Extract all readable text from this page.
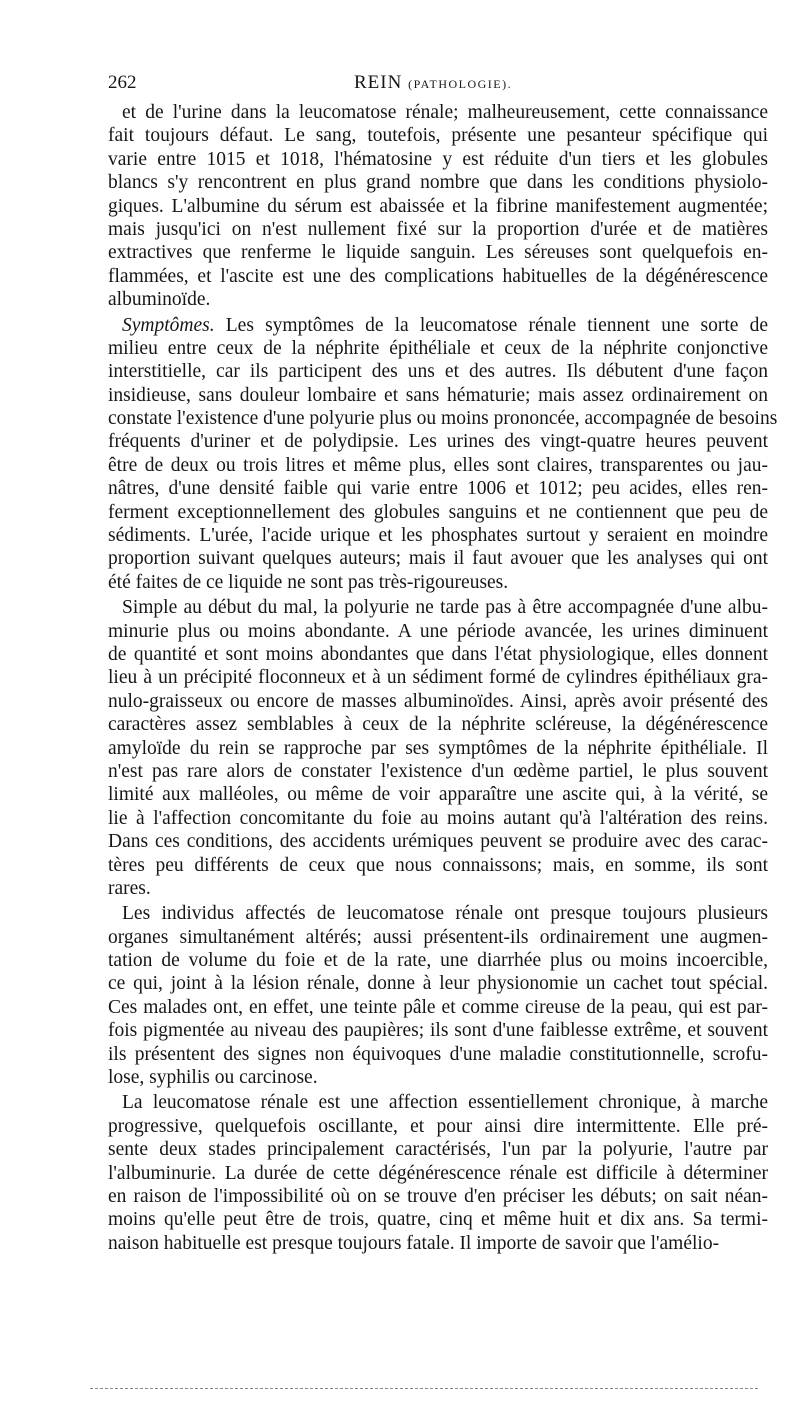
262	REIN (PATHOLOGIE).
et de l'urine dans la leucomatose rénale; malheureusement, cette connaissance
fait toujours défaut. Le sang, toutefois, présente une pesanteur spécifique qui
varie entre 1015 et 1018, l'hématosine y est réduite d'un tiers et les globules
blancs s'y rencontrent en plus grand nombre que dans les conditions physiolo-
giques. L'albumine du sérum est abaissée et la fibrine manifestement augmentée;
mais jusqu'ici on n'est nullement fixé sur la proportion d'urée et de matières
extractives que renferme le liquide sanguin. Les séreuses sont quelquefois en-
flammées, et l'ascite est une des complications habituelles de la dégénérescence
albuminoïde.
Symptômes. Les symptômes de la leucomatose rénale tiennent une sorte de
milieu entre ceux de la néphrite épithéliale et ceux de la néphrite conjonctive
interstitielle, car ils participent des uns et des autres. Ils débutent d'une façon
insidieuse, sans douleur lombaire et sans hématurie; mais assez ordinairement on
constate l'existence d'une polyurie plus ou moins prononcée, accompagnée de besoins
fréquents d'uriner et de polydipsie. Les urines des vingt-quatre heures peuvent
être de deux ou trois litres et même plus, elles sont claires, transparentes ou jau-
nâtres, d'une densité faible qui varie entre 1006 et 1012; peu acides, elles ren-
ferment exceptionnellement des globules sanguins et ne contiennent que peu de
sédiments. L'urée, l'acide urique et les phosphates surtout y seraient en moindre
proportion suivant quelques auteurs; mais il faut avouer que les analyses qui ont
été faites de ce liquide ne sont pas très-rigoureuses.
Simple au début du mal, la polyurie ne tarde pas à être accompagnée d'une albu-
minurie plus ou moins abondante. A une période avancée, les urines diminuent
de quantité et sont moins abondantes que dans l'état physiologique, elles donnent
lieu à un précipité floconneux et à un sédiment formé de cylindres épithéliaux gra-
nulo-graisseux ou encore de masses albuminoïdes. Ainsi, après avoir présenté des
caractères assez semblables à ceux de la néphrite scléreuse, la dégénérescence
amyloïde du rein se rapproche par ses symptômes de la néphrite épithéliale. Il
n'est pas rare alors de constater l'existence d'un œdème partiel, le plus souvent
limité aux malléoles, ou même de voir apparaître une ascite qui, à la vérité, se
lie à l'affection concomitante du foie au moins autant qu'à l'altération des reins.
Dans ces conditions, des accidents urémiques peuvent se produire avec des carac-
tères peu différents de ceux que nous connaissons; mais, en somme, ils sont
rares.
Les individus affectés de leucomatose rénale ont presque toujours plusieurs
organes simultanément altérés; aussi présentent-ils ordinairement une augmen-
tation de volume du foie et de la rate, une diarrhée plus ou moins incoercible,
ce qui, joint à la lésion rénale, donne à leur physionomie un cachet tout spécial.
Ces malades ont, en effet, une teinte pâle et comme cireuse de la peau, qui est par-
fois pigmentée au niveau des paupières; ils sont d'une faiblesse extrême, et souvent
ils présentent des signes non équivoques d'une maladie constitutionnelle, scrofu-
lose, syphilis ou carcinose.
La leucomatose rénale est une affection essentiellement chronique, à marche
progressive, quelquefois oscillante, et pour ainsi dire intermittente. Elle pré-
sente deux stades principalement caractérisés, l'un par la polyurie, l'autre par
l'albuminurie. La durée de cette dégénérescence rénale est difficile à déterminer
en raison de l'impossibilité où on se trouve d'en préciser les débuts; on sait néan-
moins qu'elle peut être de trois, quatre, cinq et même huit et dix ans. Sa termi-
naison habituelle est presque toujours fatale. Il importe de savoir que l'amélio-
